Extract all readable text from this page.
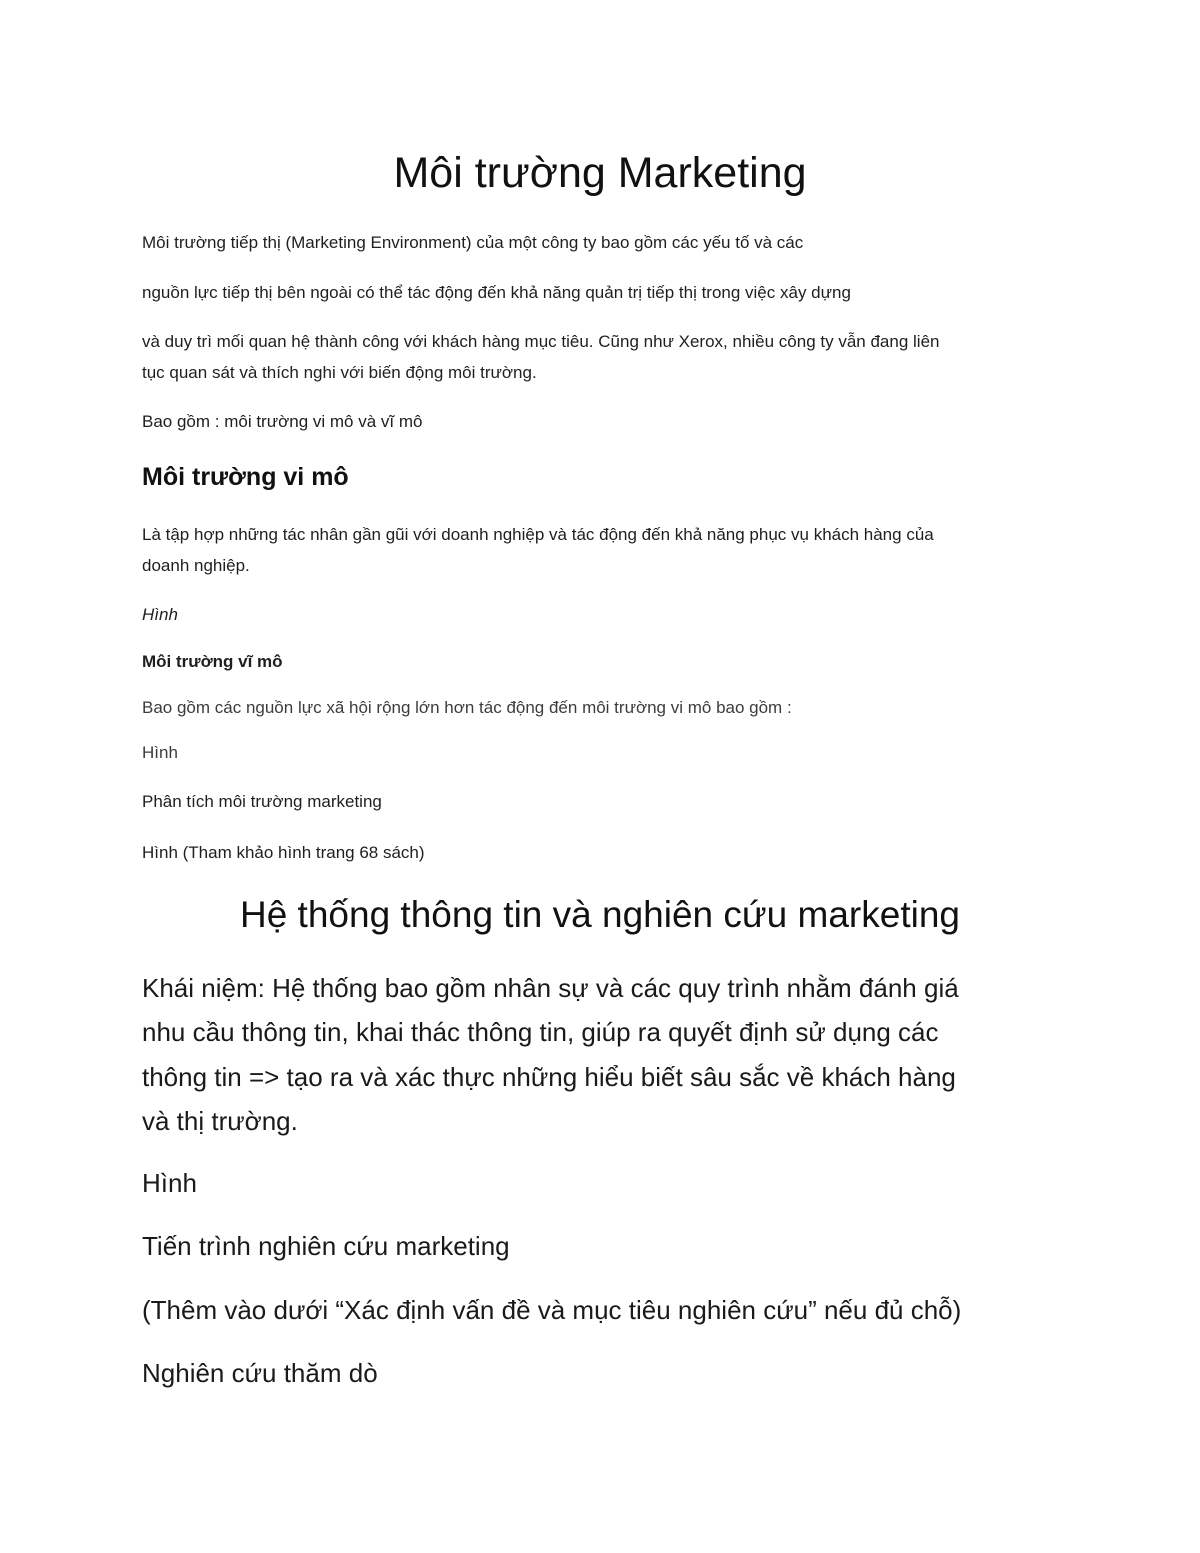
Môi trường Marketing

Môi trường tiếp thị (Marketing Environment) của một công ty bao gồm các yếu tố và các

nguồn lực tiếp thị bên ngoài có thể tác động đến khả năng quản trị tiếp thị trong việc xây dựng

và duy trì mối quan hệ thành công với khách hàng mục tiêu. Cũng như Xerox, nhiều công ty vẫn đang liên

tục quan sát và thích nghi với biến động môi trường.

Bao gồm : môi trường vi mô và vĩ mô

Môi trường vi mô

Là tập hợp những tác nhân gần gũi với doanh nghiệp và tác động đến khả năng phục vụ khách hàng của

doanh nghiệp.

Hình

Môi trường vĩ mô

Bao gồm các nguồn lực xã hội rộng lớn hơn tác động đến môi trường vi mô bao gồm :

Hình

Phân tích môi trường marketing

Hình (Tham khảo hình trang 68 sách)

Hệ thống thông tin và nghiên cứu marketing

Khái niệm: Hệ thống bao gồm nhân sự và các quy trình nhằm đánh giá

nhu cầu thông tin, khai thác thông tin, giúp ra quyết định sử dụng các

thông tin => tạo ra và xác thực những hiểu biết sâu sắc về khách hàng

và thị trường.

Hình

Tiến trình nghiên cứu marketing

(Thêm vào dưới “Xác định vấn đề và mục tiêu nghiên cứu” nếu đủ chỗ)

Nghiên cứu thăm dò
